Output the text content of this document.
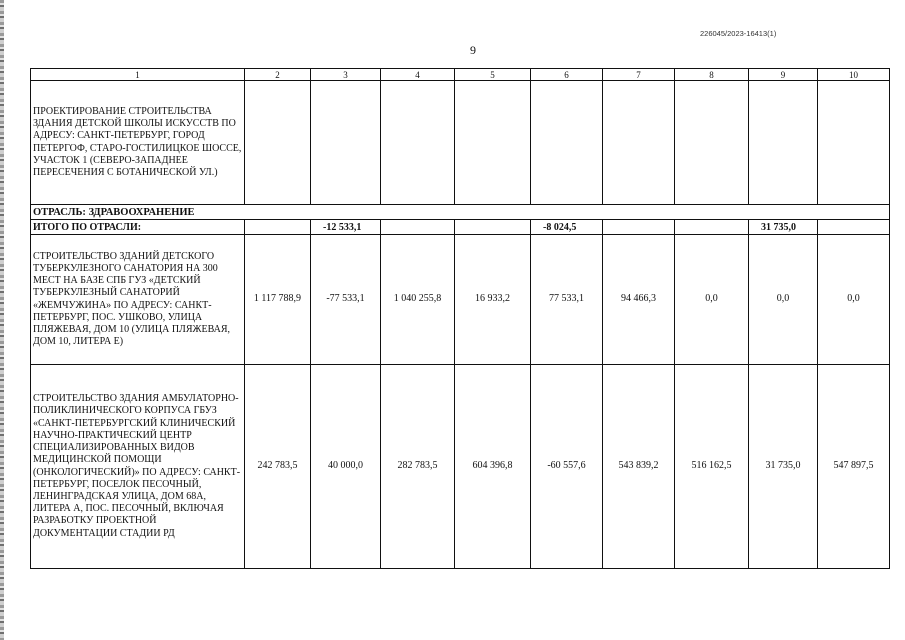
226045/2023-16413(1)
9
1	2	3	4	5	6	7	8	9	10
ПРОЕКТИРОВАНИЕ СТРОИТЕЛЬСТВА ЗДАНИЯ ДЕТСКОЙ ШКОЛЫ ИСКУССТВ ПО АДРЕСУ: САНКТ-ПЕТЕРБУРГ, ГОРОД ПЕТЕРГОФ, СТАРО-ГОСТИЛИЦКОЕ ШОССЕ, УЧАСТОК 1 (СЕВЕРО-ЗАПАДНЕЕ ПЕРЕСЕЧЕНИЯ С БОТАНИЧЕСКОЙ УЛ.)									
ОТРАСЛЬ: ЗДРАВООХРАНЕНИЕ									
ИТОГО ПО ОТРАСЛИ:		-12 533,1			-8 024,5			31 735,0	
СТРОИТЕЛЬСТВО ЗДАНИЙ ДЕТСКОГО ТУБЕРКУЛЕЗНОГО САНАТОРИЯ НА 300 МЕСТ НА БАЗЕ СПБ ГУЗ «ДЕТСКИЙ ТУБЕРКУЛЕЗНЫЙ САНАТОРИЙ «ЖЕМЧУЖИНА» ПО АДРЕСУ: САНКТ-ПЕТЕРБУРГ, ПОС. УШКОВО, УЛИЦА ПЛЯЖЕВАЯ, ДОМ 10 (УЛИЦА ПЛЯЖЕВАЯ, ДОМ 10, ЛИТЕРА Е)	1 117 788,9	-77 533,1	1 040 255,8	16 933,2	77 533,1	94 466,3	0,0	0,0	0,0
СТРОИТЕЛЬСТВО ЗДАНИЯ АМБУЛАТОРНО-ПОЛИКЛИНИЧЕСКОГО КОРПУСА ГБУЗ «САНКТ-ПЕТЕРБУРГСКИЙ КЛИНИЧЕСКИЙ НАУЧНО-ПРАКТИЧЕСКИЙ ЦЕНТР СПЕЦИАЛИЗИРОВАННЫХ ВИДОВ МЕДИЦИНСКОЙ ПОМОЩИ (ОНКОЛОГИЧЕСКИЙ)» ПО АДРЕСУ: САНКТ-ПЕТЕРБУРГ, ПОСЕЛОК ПЕСОЧНЫЙ, ЛЕНИНГРАДСКАЯ УЛИЦА, ДОМ 68А, ЛИТЕРА А, ПОС. ПЕСОЧНЫЙ, ВКЛЮЧАЯ РАЗРАБОТКУ ПРОЕКТНОЙ ДОКУМЕНТАЦИИ СТАДИИ РД	242 783,5	40 000,0	282 783,5	604 396,8	-60 557,6	543 839,2	516 162,5	31 735,0	547 897,5
